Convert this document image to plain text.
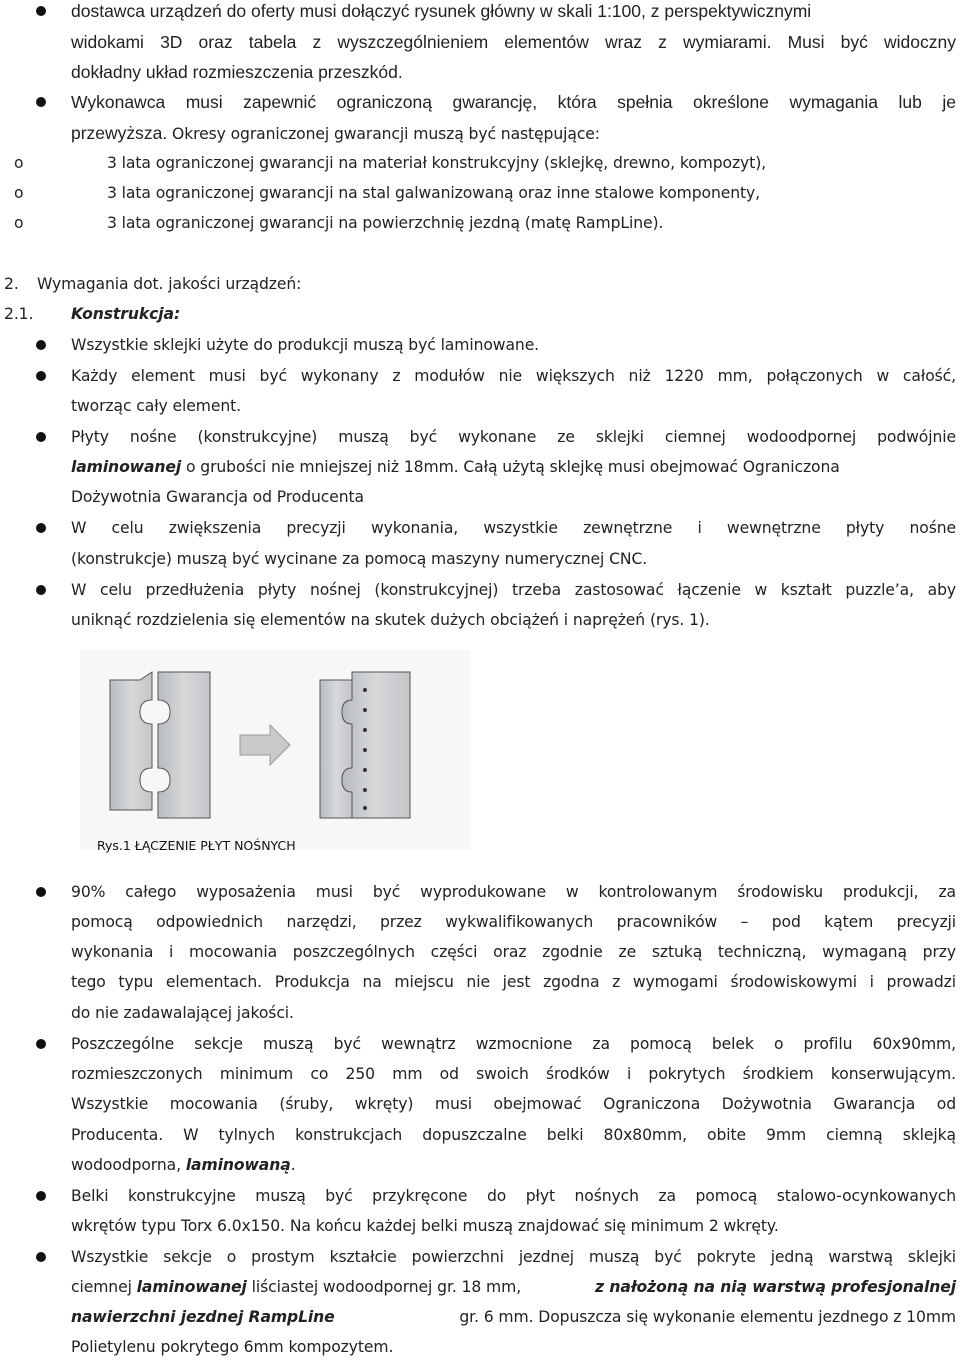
dostawca urządzeń do oferty musi dołączyć rysunek główny w skali 1:100, z perspektywicznymi
widokami 3D oraz tabela z wyszczególnieniem elementów wraz z wymiarami. Musi być widoczny
dokładny układ rozmieszczenia przeszkód.
Wykonawca musi zapewnić ograniczoną gwarancję, która spełnia określone wymagania lub je
przewyższa. Okresy ograniczonej gwarancji muszą być następujące:
o	3 lata ograniczonej gwarancji na materiał konstrukcyjny (sklejkę, drewno, kompozyt),
o	3 lata ograniczonej gwarancji na stal galwanizowaną oraz inne stalowe komponenty,
o	3 lata ograniczonej gwarancji na powierzchnię jezdną (matę RampLine).
2. Wymagania dot. jakości urządzeń:
2.1. Konstrukcja:
Wszystkie sklejki użyte do produkcji muszą być laminowane.
Każdy element musi być wykonany z modułów nie większych niż 1220 mm, połączonych w całość,
tworząc cały element.
Płyty nośne (konstrukcyjne) muszą być wykonane ze sklejki ciemnej wodoodpornej podwójnie
laminowanej o grubości nie mniejszej niż 18mm. Całą użytą sklejkę musi obejmować Ograniczona
Dożywotnia Gwarancja od Producenta
W celu zwiększenia precyzji wykonania, wszystkie zewnętrzne i wewnętrzne płyty nośne
(konstrukcje) muszą być wycinane za pomocą maszyny numerycznej CNC.
W celu przedłużenia płyty nośnej (konstrukcyjnej) trzeba zastosować łączenie w kształt puzzle’a, aby
uniknąć rozdzielenia się elementów na skutek dużych obciążeń i naprężeń (rys. 1).
Rys.1 ŁĄCZENIE PŁYT NOŚNYCH
90% całego wyposażenia musi być wyprodukowane w kontrolowanym środowisku produkcji, za
pomocą odpowiednich narzędzi, przez wykwalifikowanych pracowników – pod kątem precyzji
wykonania i mocowania poszczególnych części oraz zgodnie ze sztuką techniczną, wymaganą przy
tego typu elementach. Produkcja na miejscu nie jest zgodna z wymogami środowiskowymi i prowadzi
do nie zadawalającej jakości.
Poszczególne sekcje muszą być wewnątrz wzmocnione za pomocą belek o profilu 60x90mm,
rozmieszczonych minimum co 250 mm od swoich środków i pokrytych środkiem konserwującym.
Wszystkie mocowania (śruby, wkręty) musi obejmować Ograniczona Dożywotnia Gwarancja od
Producenta. W tylnych konstrukcjach dopuszczalne belki 80x80mm, obite 9mm ciemną sklejką
wodoodporna, laminowaną.
Belki konstrukcyjne muszą być przykręcone do płyt nośnych za pomocą stalowo-ocynkowanych
wkrętów typu Torx 6.0x150. Na końcu każdej belki muszą znajdować się minimum 2 wkręty.
Wszystkie sekcje o prostym kształcie powierzchni jezdnej muszą być pokryte jedną warstwą sklejki
ciemnej laminowanej liściastej wodoodpornej gr. 18 mm,	z nałożoną na nią warstwą profesjonalnej
nawierzchni jezdnej RampLine	gr. 6 mm. Dopuszcza się wykonanie elementu jezdnego z 10mm
Polietylenu pokrytego 6mm kompozytem.
